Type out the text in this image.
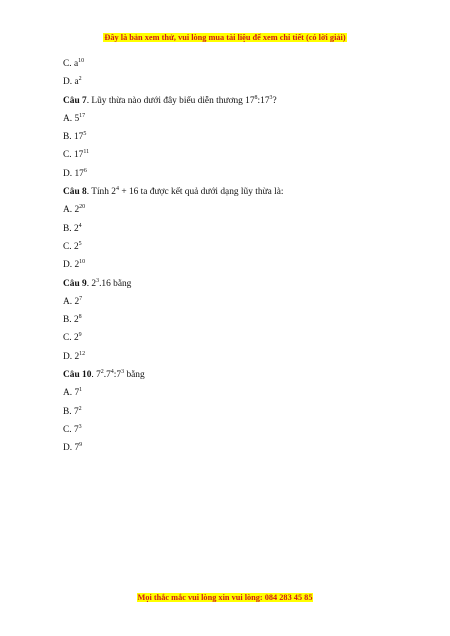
Đây là bản xem thử, vui lòng mua tài liệu để xem chi tiết (có lời giải)
C. $a^{10}$
D. $a^2$
Câu 7. Lũy thừa nào dưới đây biểu diễn thương $17^8:17^3$?
A. $5^{17}$
B. $17^5$
C. $17^{11}$
D. $17^6$
Câu 8. Tính $2^4 + 16$ ta được kết quả dưới dạng lũy thừa là:
A. $2^{20}$
B. $2^4$
C. $2^5$
D. $2^{10}$
Câu 9. $2^3.16$ bằng
A. $2^7$
B. $2^8$
C. $2^9$
D. $2^{12}$
Câu 10. $7^2.7^4:7^3$ bằng
A. $7^1$
B. $7^2$
C. $7^3$
D. $7^9$
Mọi thắc mắc vui lòng xin vui lòng: 084 283 45 85
